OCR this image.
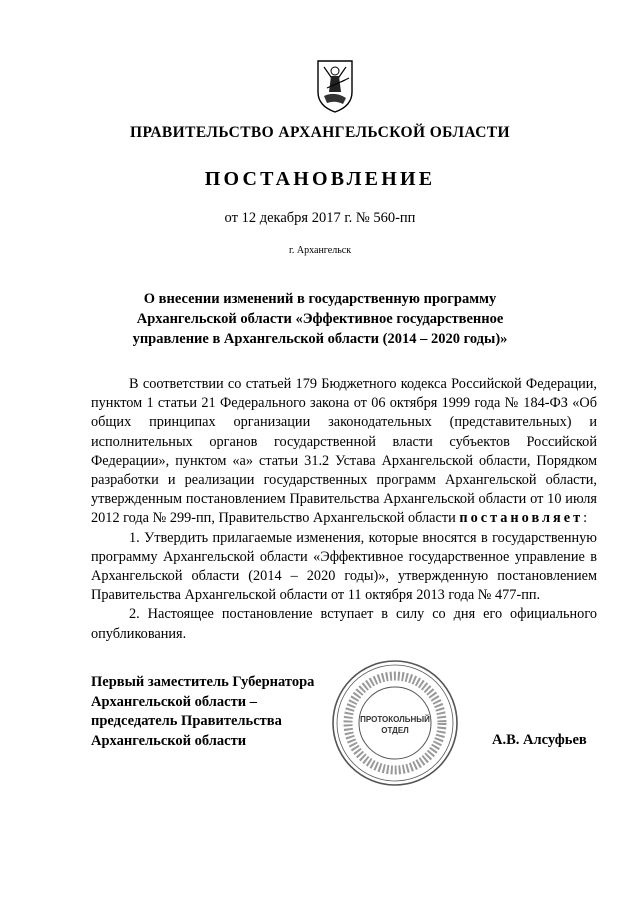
ПРАВИТЕЛЬСТВО АРХАНГЕЛЬСКОЙ ОБЛАСТИ
ПОСТАНОВЛЕНИЕ
от 12 декабря 2017 г. № 560-пп
г. Архангельск
О внесении изменений в государственную программу Архангельской области «Эффективное государственное управление в Архангельской области (2014 – 2020 годы)»

В соответствии со статьей 179 Бюджетного кодекса Российской Федерации, пунктом 1 статьи 21 Федерального закона от 06 октября 1999 года № 184-ФЗ «Об общих принципах организации законодательных (представительных) и исполнительных органов государственной власти субъектов Российской Федерации», пунктом «а» статьи 31.2 Устава Архангельской области, Порядком разработки и реализации государственных программ Архангельской области, утвержденным постановлением Правительства Архангельской области от 10 июля 2012 года № 299-пп, Правительство Архангельской области постановляет:

1. Утвердить прилагаемые изменения, которые вносятся в государственную программу Архангельской области «Эффективное государственное управление в Архангельской области (2014 – 2020 годы)», утвержденную постановлением Правительства Архангельской области от 11 октября 2013 года № 477-пп.

2. Настоящее постановление вступает в силу со дня его официального опубликования.

Первый заместитель Губернатора
Архангельской области –
председатель Правительства
Архангельской области
ПРОТОКОЛЬНЫЙ
ОТДЕЛ
А.В. Алсуфьев
